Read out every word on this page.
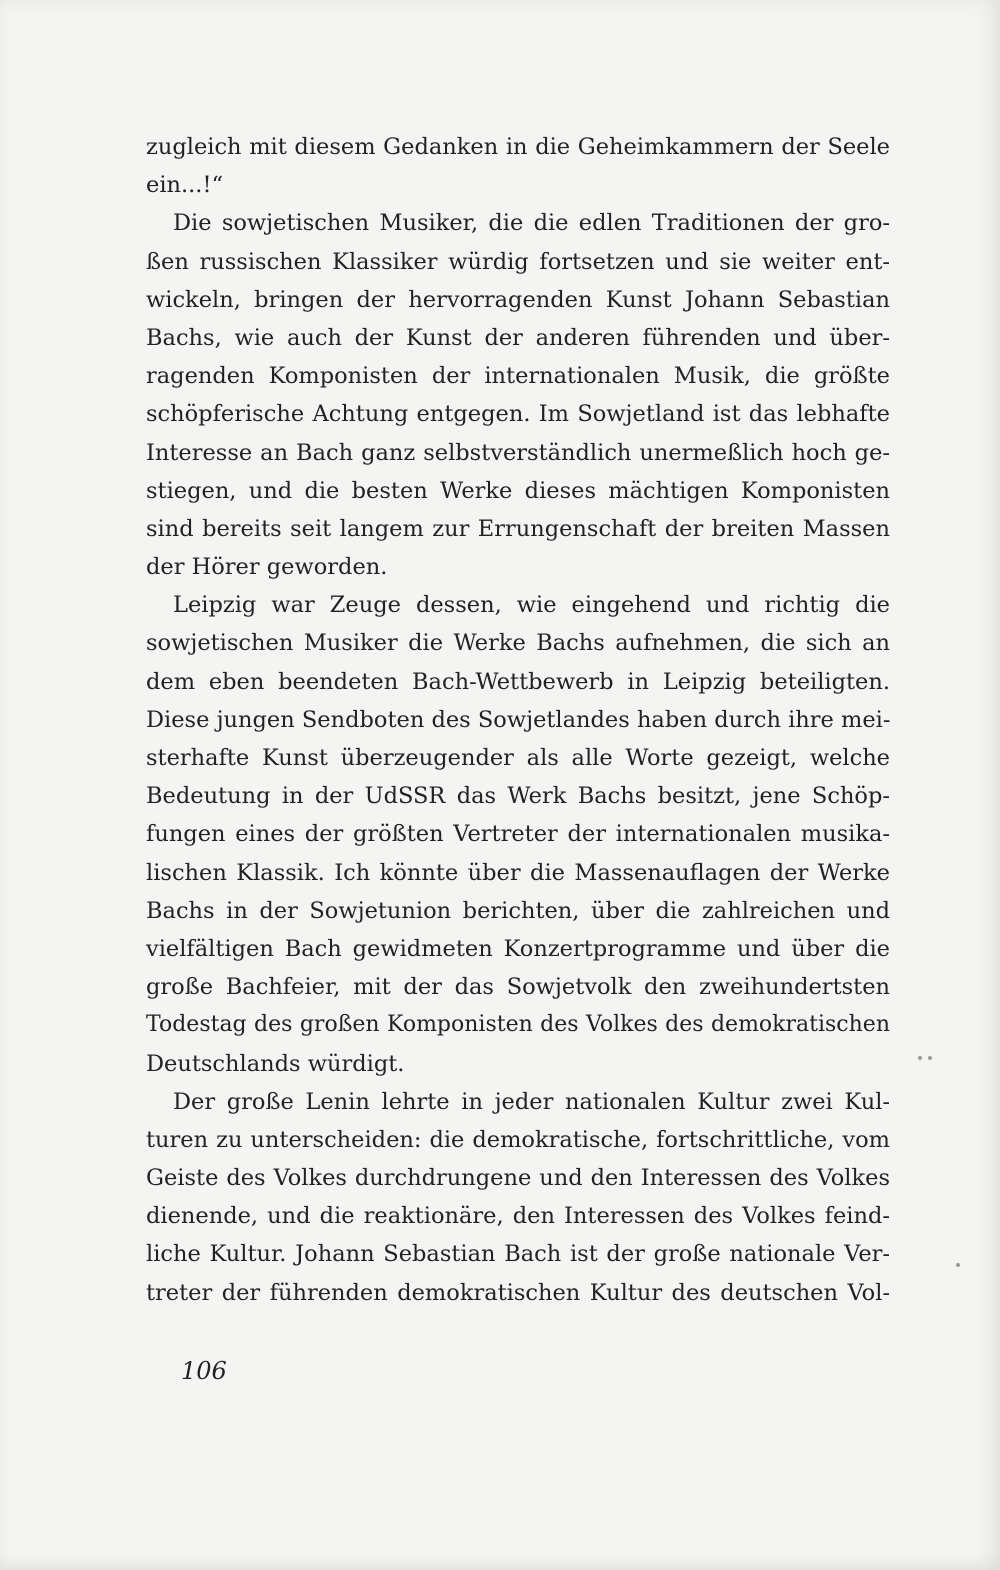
zugleich mit diesem Gedanken in die Geheimkammern der Seele
ein...!“
Die sowjetischen Musiker, die die edlen Traditionen der gro-
ßen russischen Klassiker würdig fortsetzen und sie weiter ent-
wickeln, bringen der hervorragenden Kunst Johann Sebastian
Bachs, wie auch der Kunst der anderen führenden und über-
ragenden Komponisten der internationalen Musik, die größte
schöpferische Achtung entgegen. Im Sowjetland ist das lebhafte
Interesse an Bach ganz selbstverständlich unermeßlich hoch ge-
stiegen, und die besten Werke dieses mächtigen Komponisten
sind bereits seit langem zur Errungenschaft der breiten Massen
der Hörer geworden.
Leipzig war Zeuge dessen, wie eingehend und richtig die
sowjetischen Musiker die Werke Bachs aufnehmen, die sich an
dem eben beendeten Bach-Wettbewerb in Leipzig beteiligten.
Diese jungen Sendboten des Sowjetlandes haben durch ihre mei-
sterhafte Kunst überzeugender als alle Worte gezeigt, welche
Bedeutung in der UdSSR das Werk Bachs besitzt, jene Schöp-
fungen eines der größten Vertreter der internationalen musika-
lischen Klassik. Ich könnte über die Massenauflagen der Werke
Bachs in der Sowjetunion berichten, über die zahlreichen und
vielfältigen Bach gewidmeten Konzertprogramme und über die
große Bachfeier, mit der das Sowjetvolk den zweihundertsten
Todestag des großen Komponisten des Volkes des demokratischen
Deutschlands würdigt.
Der große Lenin lehrte in jeder nationalen Kultur zwei Kul-
turen zu unterscheiden: die demokratische, fortschrittliche, vom
Geiste des Volkes durchdrungene und den Interessen des Volkes
dienende, und die reaktionäre, den Interessen des Volkes feind-
liche Kultur. Johann Sebastian Bach ist der große nationale Ver-
treter der führenden demokratischen Kultur des deutschen Vol-
106
